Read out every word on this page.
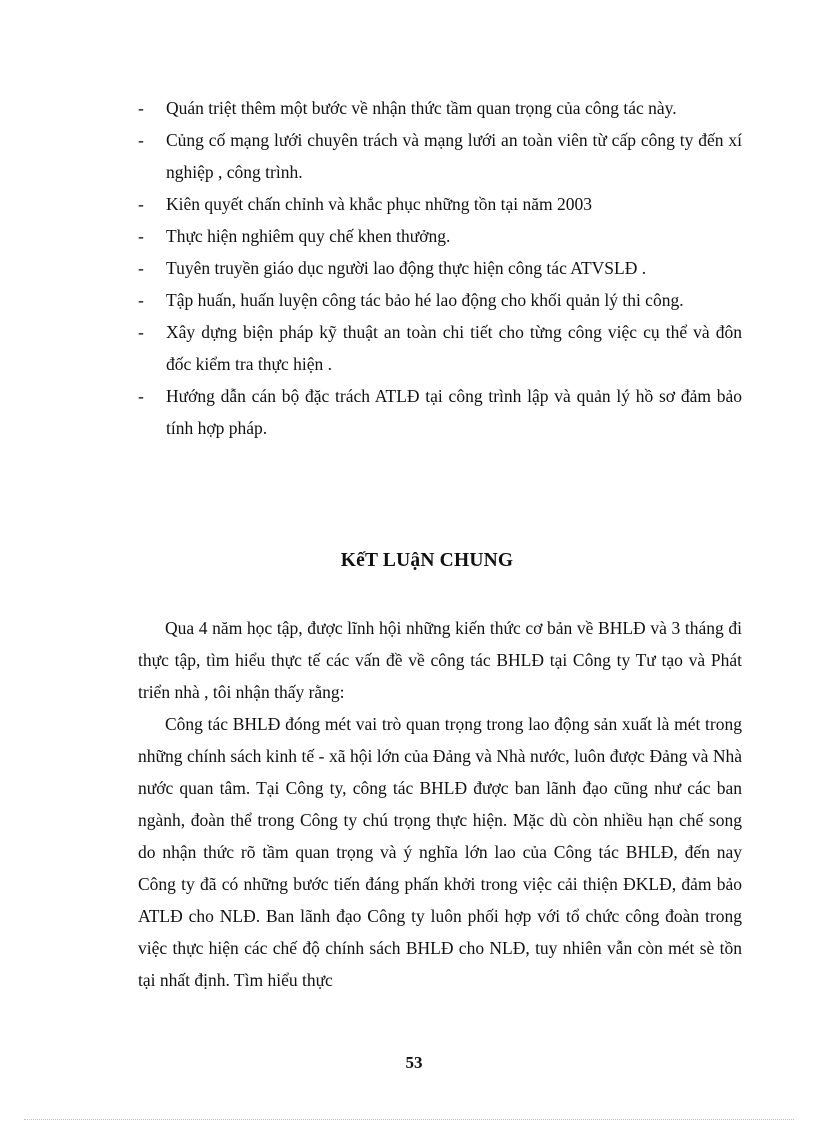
- Quán triệt thêm một bước về nhận thức tầm quan trọng của công tác này.
- Củng cố mạng lưới chuyên trách và mạng lưới an toàn viên từ cấp công ty đến xí nghiệp , công trình.
- Kiên quyết chấn chỉnh và khắc phục những tồn tại năm 2003
- Thực hiện nghiêm quy chế khen thưởng.
- Tuyên truyền giáo dục người lao động thực hiện công tác ATVSLĐ .
- Tập huấn, huấn luyện công tác bảo hé lao động cho khối quản lý thi công.
- Xây dựng biện pháp kỹ thuật an toàn chi tiết cho từng công việc cụ thể và đôn đốc kiểm tra thực hiện .
- Hướng dẫn cán bộ đặc trách ATLĐ tại công trình lập và quản lý hồ sơ đảm bảo tính hợp pháp.
KếT LUậN CHUNG

Qua 4 năm học tập, được lĩnh hội những kiến thức cơ bản về BHLĐ và 3 tháng đi thực tập, tìm hiểu thực tế các vấn đề về công tác BHLĐ tại Công ty Tư tạo và Phát triển nhà , tôi nhận thấy rằng:

Công tác BHLĐ đóng mét vai trò quan trọng trong lao động sản xuất là mét trong những chính sách kinh tế - xã hội lớn của Đảng và Nhà nước, luôn được Đảng và Nhà nước quan tâm. Tại Công ty, công tác BHLĐ được ban lãnh đạo cũng như các ban ngành, đoàn thể trong Công ty chú trọng thực hiện. Mặc dù còn nhiều hạn chế song do nhận thức rõ tầm quan trọng và ý nghĩa lớn lao của Công tác BHLĐ, đến nay Công ty đã có những bước tiến đáng phấn khởi trong việc cải thiện ĐKLĐ, đảm bảo ATLĐ cho NLĐ. Ban lãnh đạo Công ty luôn phối hợp với tổ chức công đoàn trong việc thực hiện các chế độ chính sách BHLĐ cho NLĐ, tuy nhiên vẫn còn mét sè tồn tại nhất định. Tìm hiểu thực

53
